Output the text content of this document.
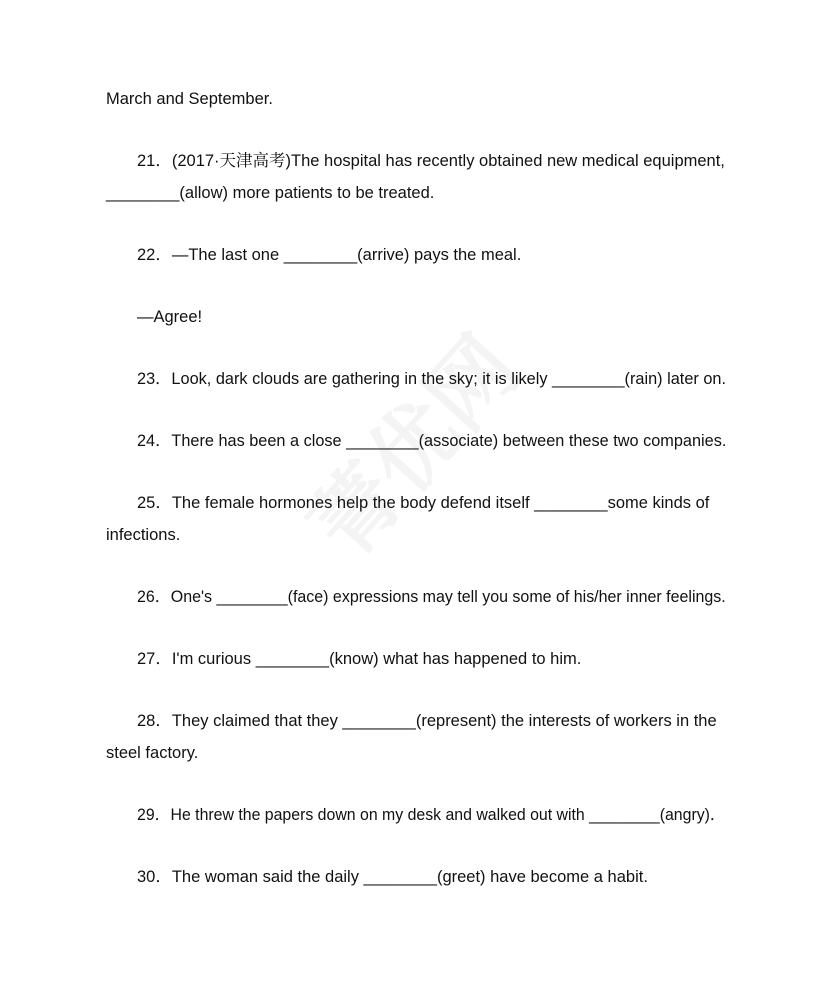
March and September.
21．(2017·天津高考)The hospital has recently obtained new medical equipment,
________(allow) more patients to be treated.
22．—The last one ________(arrive) pays the meal.
—Agree!
23．Look, dark clouds are gathering in the sky; it is likely ________(rain) later on.
24．There has been a close ________(associate) between these two companies.
25．The female hormones help the body defend itself ________some kinds of
infections.
26．One's ________(face) expressions may tell you some of his/her inner feelings.
27．I'm curious ________(know) what has happened to him.
28．They claimed that they ________(represent) the interests of workers in the
steel factory.
29．He threw the papers down on my desk and walked out with ________(angry)．
30．The woman said the daily ________(greet) have become a habit.
